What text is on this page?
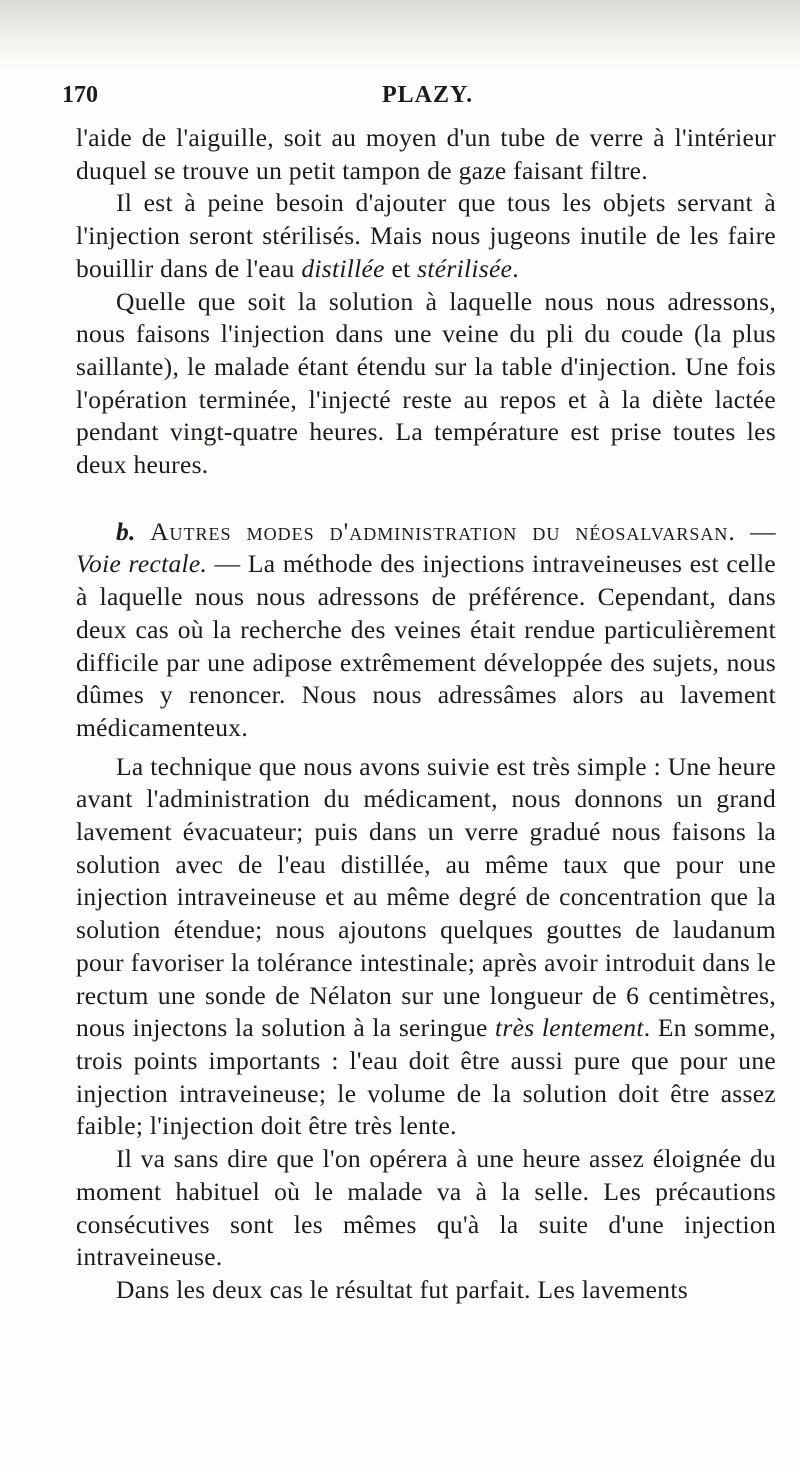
170	PLAZY.

l'aide de l'aiguille, soit au moyen d'un tube de verre à l'intérieur duquel se trouve un petit tampon de gaze faisant filtre.

Il est à peine besoin d'ajouter que tous les objets servant à l'injection seront stérilisés. Mais nous jugeons inutile de les faire bouillir dans de l'eau distillée et stérilisée.

Quelle que soit la solution à laquelle nous nous adressons, nous faisons l'injection dans une veine du pli du coude (la plus saillante), le malade étant étendu sur la table d'injection. Une fois l'opération terminée, l'injecté reste au repos et à la diète lactée pendant vingt-quatre heures. La température est prise toutes les deux heures.

b. Autres modes d'administration du néosalvarsan. — Voie rectale. — La méthode des injections intraveineuses est celle à laquelle nous nous adressons de préférence. Cependant, dans deux cas où la recherche des veines était rendue particulièrement difficile par une adipose extrêmement développée des sujets, nous dûmes y renoncer. Nous nous adressâmes alors au lavement médicamenteux.

La technique que nous avons suivie est très simple : Une heure avant l'administration du médicament, nous donnons un grand lavement évacuateur; puis dans un verre gradué nous faisons la solution avec de l'eau distillée, au même taux que pour une injection intraveineuse et au même degré de concentration que la solution étendue; nous ajoutons quelques gouttes de laudanum pour favoriser la tolérance intestinale; après avoir introduit dans le rectum une sonde de Nélaton sur une longueur de 6 centimètres, nous injectons la solution à la seringue très lentement. En somme, trois points importants : l'eau doit être aussi pure que pour une injection intraveineuse; le volume de la solution doit être assez faible; l'injection doit être très lente.

Il va sans dire que l'on opérera à une heure assez éloignée du moment habituel où le malade va à la selle. Les précautions consécutives sont les mêmes qu'à la suite d'une injection intraveineuse.

Dans les deux cas le résultat fut parfait. Les lavements
